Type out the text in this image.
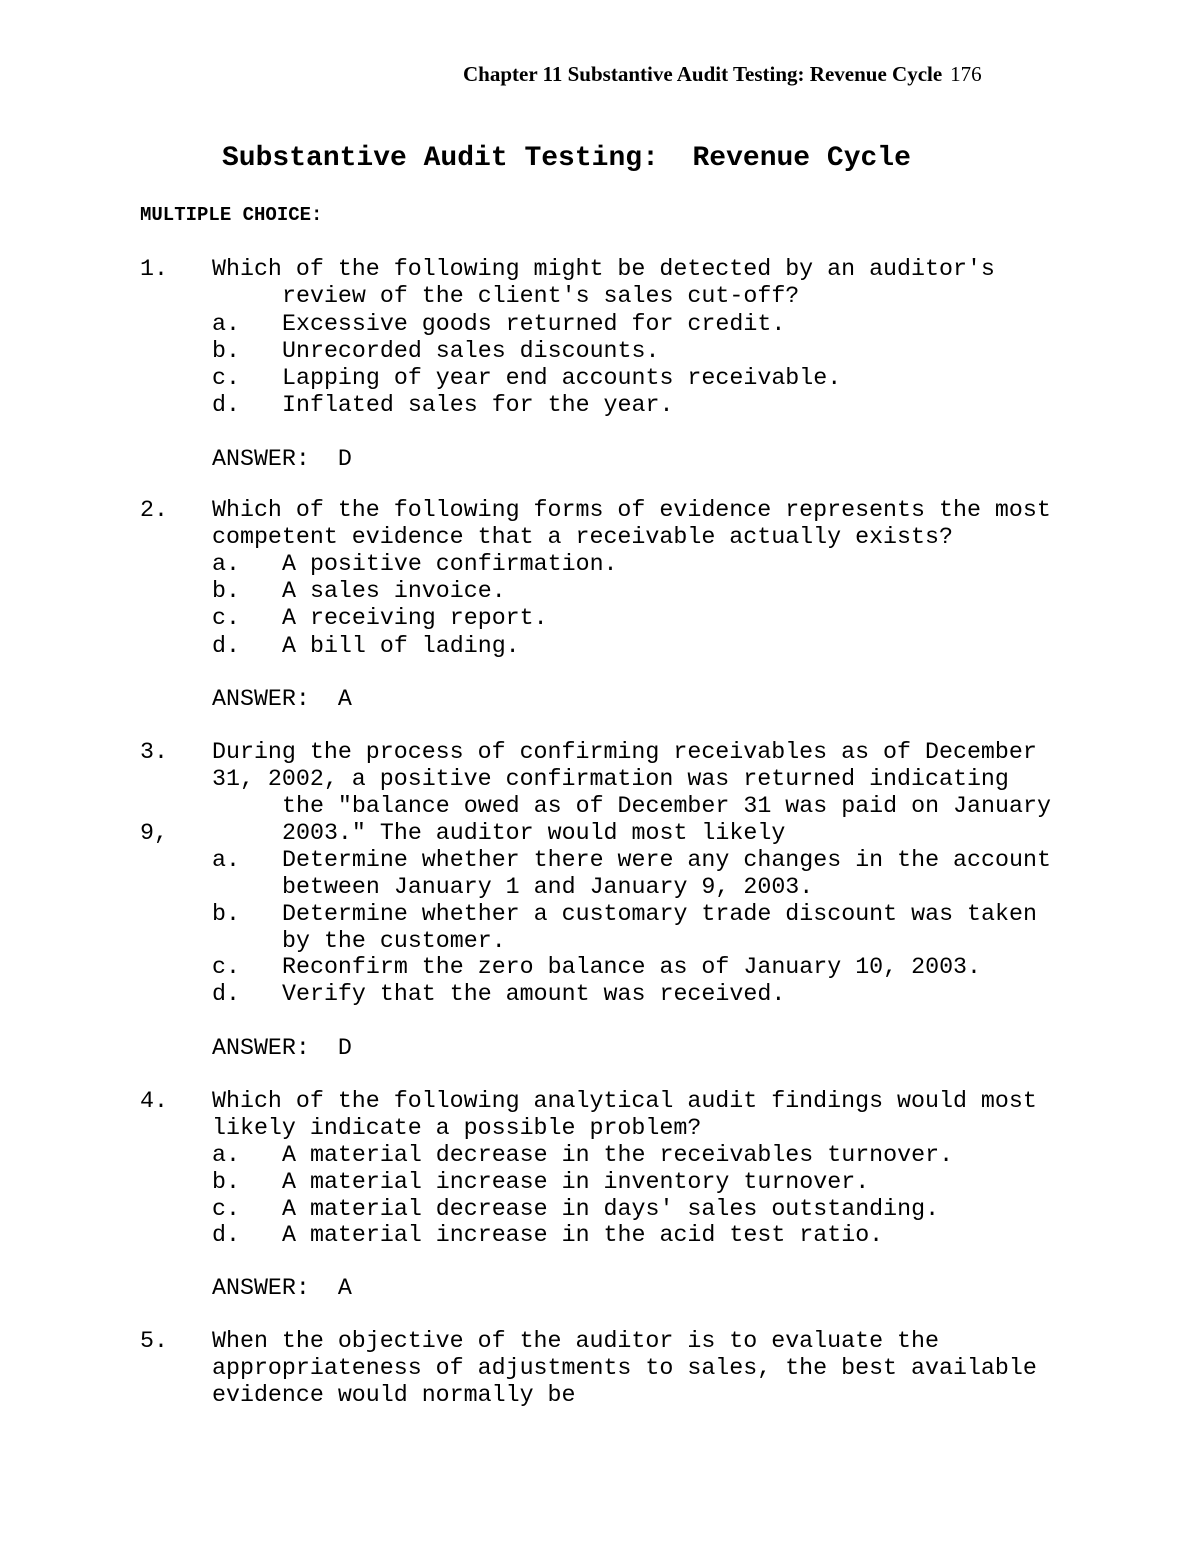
Chapter 11 Substantive Audit Testing: Revenue Cycle 176
Substantive Audit Testing:  Revenue Cycle
MULTIPLE CHOICE:
1. Which of the following might be detected by an auditor's
review of the client's sales cut-off?
a. Excessive goods returned for credit.
b. Unrecorded sales discounts.
c. Lapping of year end accounts receivable.
d. Inflated sales for the year.
ANSWER:  D
2. Which of the following forms of evidence represents the most
competent evidence that a receivable actually exists?
a. A positive confirmation.
b. A sales invoice.
c. A receiving report.
d. A bill of lading.
ANSWER:  A
3. During the process of confirming receivables as of December
31, 2002, a positive confirmation was returned indicating
the "balance owed as of December 31 was paid on January
9,	2003." The auditor would most likely
a. Determine whether there were any changes in the account
between January 1 and January 9, 2003.
b. Determine whether a customary trade discount was taken
by the customer.
c. Reconfirm the zero balance as of January 10, 2003.
d. Verify that the amount was received.
ANSWER:  D
4. Which of the following analytical audit findings would most
likely indicate a possible problem?
a. A material decrease in the receivables turnover.
b. A material increase in inventory turnover.
c. A material decrease in days' sales outstanding.
d. A material increase in the acid test ratio.
ANSWER:  A
5. When the objective of the auditor is to evaluate the
appropriateness of adjustments to sales, the best available
evidence would normally be
